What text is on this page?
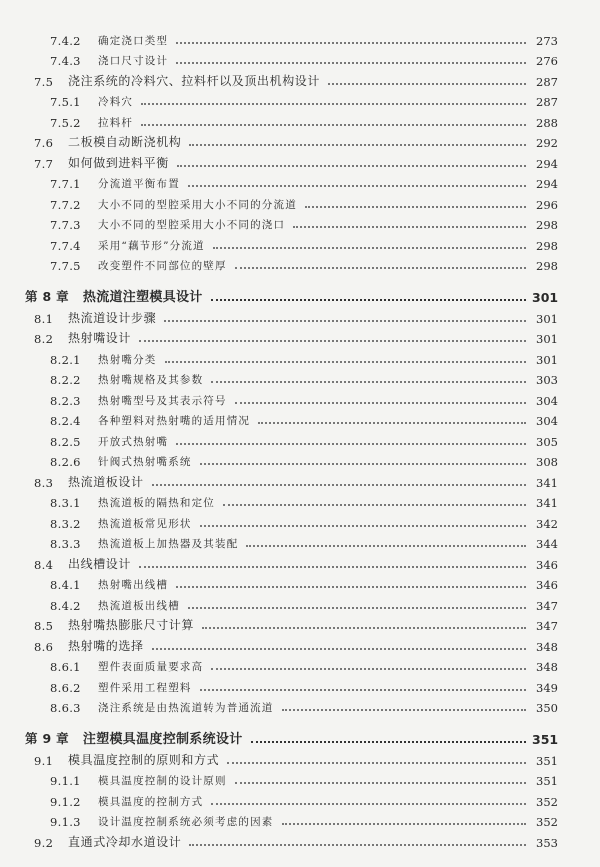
7.4.2	确定浇口类型	273
7.4.3	浇口尺寸设计	276
7.5	浇注系统的冷料穴、拉料杆以及顶出机构设计	287
7.5.1	冷料穴	287
7.5.2	拉料杆	288
7.6	二板模自动断浇机构	292
7.7	如何做到进料平衡	294
7.7.1	分流道平衡布置	294
7.7.2	大小不同的型腔采用大小不同的分流道	296
7.7.3	大小不同的型腔采用大小不同的浇口	298
7.7.4	采用“藕节形”分流道	298
7.7.5	改变塑件不同部位的壁厚	298
第 8 章 热流道注塑模具设计	301
8.1	热流道设计步骤	301
8.2	热射嘴设计	301
8.2.1	热射嘴分类	301
8.2.2	热射嘴规格及其参数	303
8.2.3	热射嘴型号及其表示符号	304
8.2.4	各种塑料对热射嘴的适用情况	304
8.2.5	开放式热射嘴	305
8.2.6	针阀式热射嘴系统	308
8.3	热流道板设计	341
8.3.1	热流道板的隔热和定位	341
8.3.2	热流道板常见形状	342
8.3.3	热流道板上加热器及其装配	344
8.4	出线槽设计	346
8.4.1	热射嘴出线槽	346
8.4.2	热流道板出线槽	347
8.5	热射嘴热膨胀尺寸计算	347
8.6	热射嘴的选择	348
8.6.1	塑件表面质量要求高	348
8.6.2	塑件采用工程塑料	349
8.6.3	浇注系统是由热流道转为普通流道	350
第 9 章 注塑模具温度控制系统设计	351
9.1	模具温度控制的原则和方式	351
9.1.1	模具温度控制的设计原则	351
9.1.2	模具温度的控制方式	352
9.1.3	设计温度控制系统必须考虑的因素	352
9.2	直通式冷却水道设计	353
